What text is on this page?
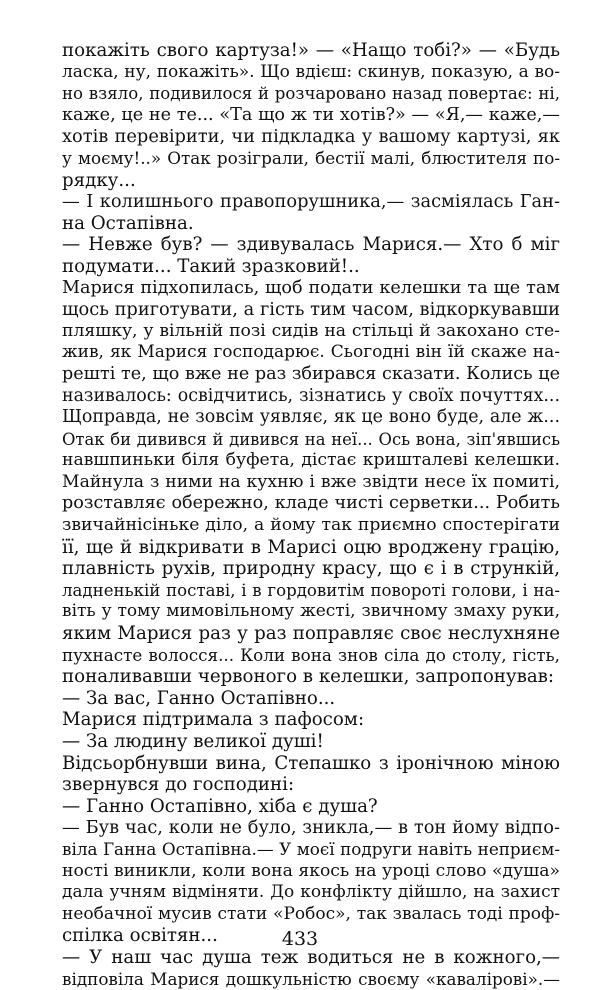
покажіть свого картуза!» — «Нащо тобі?» — «Будь
ласка, ну, покажіть». Що вдієш: скинув, показую, а во-
но взяло, подивилося й розчаровано назад повертає: ні,
каже, це не те... «Та що ж ти хотів?» — «Я,— каже,—
хотів перевірити, чи підкладка у вашому картузі, як
у моєму!..» Отак розіграли, бестії малі, блюстителя по-
рядку...
— І колишнього правопорушника,— засміялась Ган-
на Остапівна.
— Невже був? — здивувалась Марися.— Хто б міг
подумати... Такий зразковий!..
Марися підхопилась, щоб подати келешки та ще там
щось приготувати, а гість тим часом, відкоркувавши
пляшку, у вільній позі сидів на стільці й закохано сте-
жив, як Марися господарює. Сьогодні він їй скаже на-
решті те, що вже не раз збирався сказати. Колись це
називалось: освідчитись, зізнатись у своїх почуттях...
Щоправда, не зовсім уявляє, як це воно буде, але ж...
Отак би дивився й дивився на неї... Ось вона, зіп'явшись
навшпиньки біля буфета, дістає кришталеві келешки.
Майнула з ними на кухню і вже звідти несе їх помиті,
розставляє обережно, кладе чисті серветки... Робить
звичайнісіньке діло, а йому так приємно спостерігати
її, ще й відкривати в Марисі оцю вроджену грацію,
плавність рухів, природну красу, що є і в стрункій,
ладненькій поставі, і в гордовитім повороті голови, і на-
віть у тому мимовільному жесті, звичному змаху руки,
яким Марися раз у раз поправляє своє неслухняне
пухнасте волосся... Коли вона знов сіла до столу, гість,
поналивавши червоного в келешки, запропонував:
— За вас, Ганно Остапівно...
Марися підтримала з пафосом:
— За людину великої душі!
Відсьорбнувши вина, Степашко з іронічною міною
звернувся до господині:
— Ганно Остапівно, хіба є душа?
— Був час, коли не було, зникла,— в тон йому відпо-
віла Ганна Остапівна.— У моєї подруги навіть неприєм-
ності виникли, коли вона якось на уроці слово «душа»
дала учням відміняти. До конфлікту дійшло, на захист
необачної мусив стати «Робос», так звалась тоді проф-
спілка освітян...
— У наш час душа теж водиться не в кожного,—
відповіла Марися дошкульністю своєму «кавалірові».—
433
